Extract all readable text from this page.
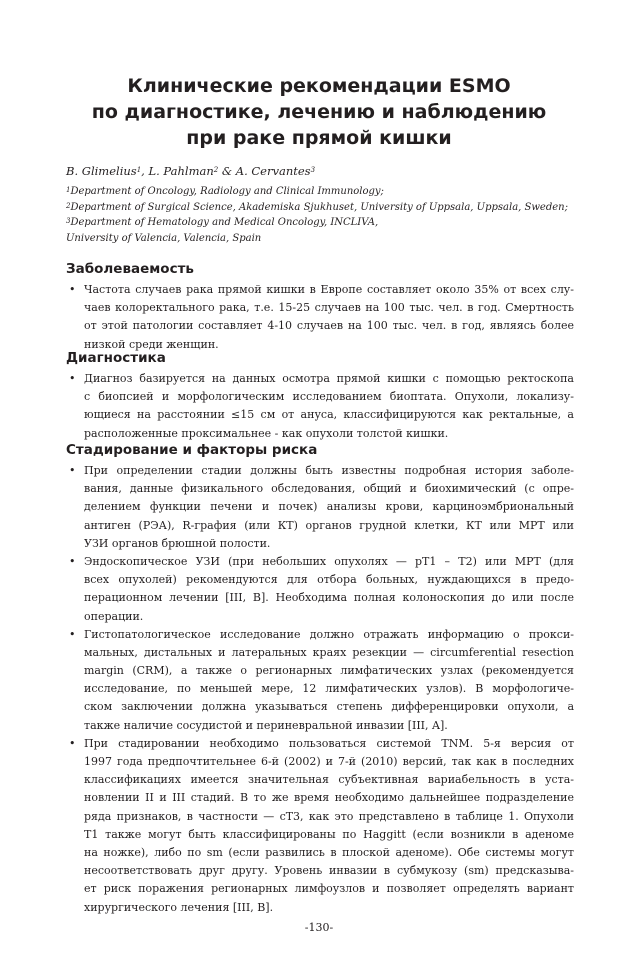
Клинические рекомендации ESMO
по диагностике, лечению и наблюдению
при раке прямой кишки
B. Glimelius$^1$, L. Pahlman$^2$ & A. Cervantes$^3$
$^1$Department of Oncology, Radiology and Clinical Immunology;
$^2$Department of Surgical Science, Akademiska Sjukhuset, University of Uppsala, Uppsala, Sweden;
$^3$Department of Hematology and Medical Oncology, INCLIVA,
University of Valencia, Valencia, Spain
Заболеваемость
• Частота случаев рака прямой кишки в Европе составляет около 35% от всех слу-
чаев колоректального рака, т.е. 15-25 случаев на 100 тыс. чел. в год. Смертность
от этой патологии составляет 4-10 случаев на 100 тыс. чел. в год, являясь более
низкой среди женщин.
Диагностика
• Диагноз базируется на данных осмотра прямой кишки с помощью ректоскопа
с биопсией и морфологическим исследованием биоптата. Опухоли, локализу-
ющиеся на расстоянии ≤15 см от ануса, классифицируются как ректальные, а
расположенные проксимальнее - как опухоли толстой кишки.
Стадирование и факторы риска
• При определении стадии должны быть известны подробная история заболе-
вания, данные физикального обследования, общий и биохимический (с опре-
делением функции печени и почек) анализы крови, карциноэмбриональный
антиген (РЭА), R-графия (или КТ) органов грудной клетки, КТ или МРТ или
УЗИ органов брюшной полости.
• Эндоскопическое УЗИ (при небольших опухолях — pT1 – T2) или МРТ (для
всех опухолей) рекомендуются для отбора больных, нуждающихся в предо-
перационном лечении [III, B]. Необходима полная колоноскопия до или после
операции.
• Гистопатологическое исследование должно отражать информацию о прокси-
мальных, дистальных и латеральных краях резекции — circumferential resection
margin (CRM), а также о регионарных лимфатических узлах (рекомендуется
исследование, по меньшей мере, 12 лимфатических узлов). В морфологиче-
ском заключении должна указываться степень дифференцировки опухоли, а
также наличие сосудистой и периневральной инвазии [III, A].
• При стадировании необходимо пользоваться системой TNM. 5-я версия от
1997 года предпочтительнее 6-й (2002) и 7-й (2010) версий, так как в последних
классификациях имеется значительная субъективная вариабельность в уста-
новлении II и III стадий. В то же время необходимо дальнейшее подразделение
ряда признаков, в частности — cT3, как это представлено в таблице 1. Опухоли
T1 также могут быть классифицированы по Haggitt (если возникли в аденоме
на ножке), либо по sm (если развились в плоской аденоме). Обе системы могут
несоответствовать друг другу. Уровень инвазии в субмукозу (sm) предсказыва-
ет риск поражения регионарных лимфоузлов и позволяет определять вариант
хирургического лечения [III, B].
-130-
